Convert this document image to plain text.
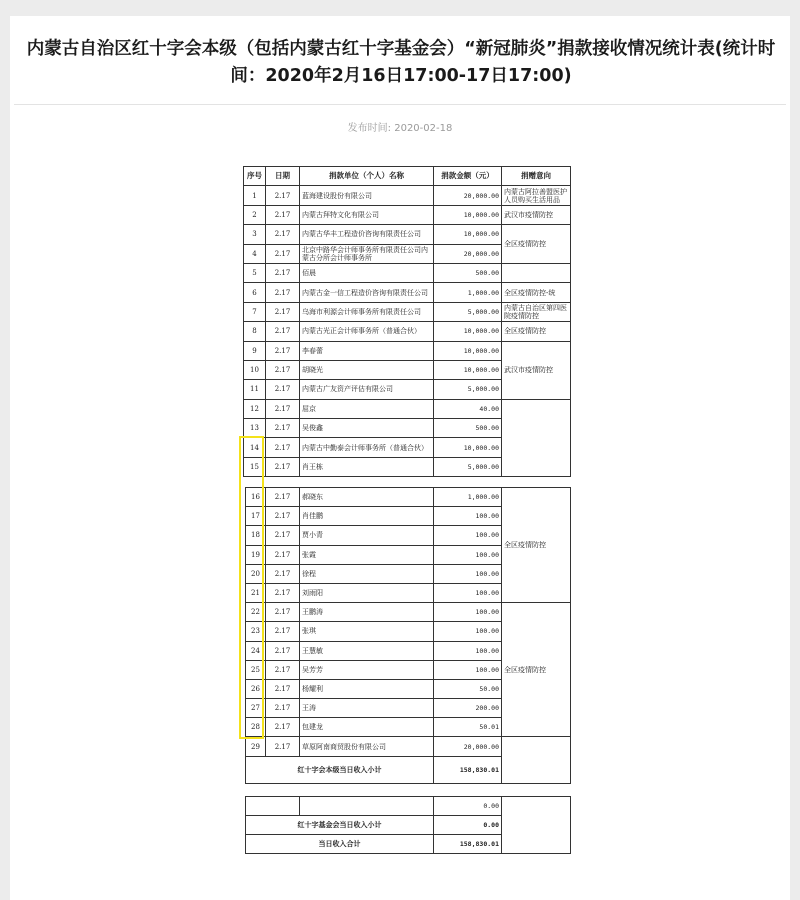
内蒙古自治区红十字会本级（包括内蒙古红十字基金会）“新冠肺炎”捐款接收情况统计表(统计时间：2020年2月16日17:00-17日17:00)
发布时间: 2020-02-18
序号	日期	捐款单位（个人）名称	捐款金额（元）	捐赠意向
1	2.17	蓝海建设股份有限公司	20,000.00	内蒙古阿拉善盟医护人员购买生活用品
2	2.17	内蒙古拜特文化有限公司	10,000.00	武汉市疫情防控
3	2.17	内蒙古华丰工程造价咨询有限责任公司	10,000.00	全区疫情防控
4	2.17	北京中路华会计师事务所有限责任公司内蒙古分所会计师事务所	20,000.00	
5	2.17	佰晨	500.00	
6	2.17	内蒙古金一信工程造价咨询有限责任公司	1,000.00	全区疫情防控-统
7	2.17	乌海市利源会计师事务所有限责任公司	5,000.00	内蒙古自治区第四医院疫情防控
8	2.17	内蒙古光正会计师事务所（普通合伙）	10,000.00	全区疫情防控
9	2.17	李春蕾	10,000.00	武汉市疫情防控
10	2.17	胡晓光	10,000.00	
11	2.17	内蒙古广友资产评估有限公司	5,000.00	
12	2.17	屈京	40.00	
13	2.17	吴俊鑫	500.00	
14	2.17	内蒙古中勤泰会计师事务所（普通合伙）	10,000.00	
15	2.17	肖王栋	5,000.00	
16	2.17	郝晓东	1,000.00	全区疫情防控
17	2.17	肖佳鹏	100.00	
18	2.17	贾小青	100.00	
19	2.17	张霞	100.00	
20	2.17	徐程	100.00	
21	2.17	刘雨阳	100.00	
22	2.17	王鹏涛	100.00	全区疫情防控
23	2.17	张琪	100.00	
24	2.17	王慧敏	100.00	
25	2.17	吴芳芳	100.00	
26	2.17	杨耀利	50.00	
27	2.17	王涛	200.00	
28	2.17	包建龙	50.01	
29	2.17	草原阿南商贸股份有限公司	20,000.00	
红十字会本级当日收入小计			158,830.01	

			0.00	
红十字基金会当日收入小计			0.00	
当日收入合计			158,830.01	
